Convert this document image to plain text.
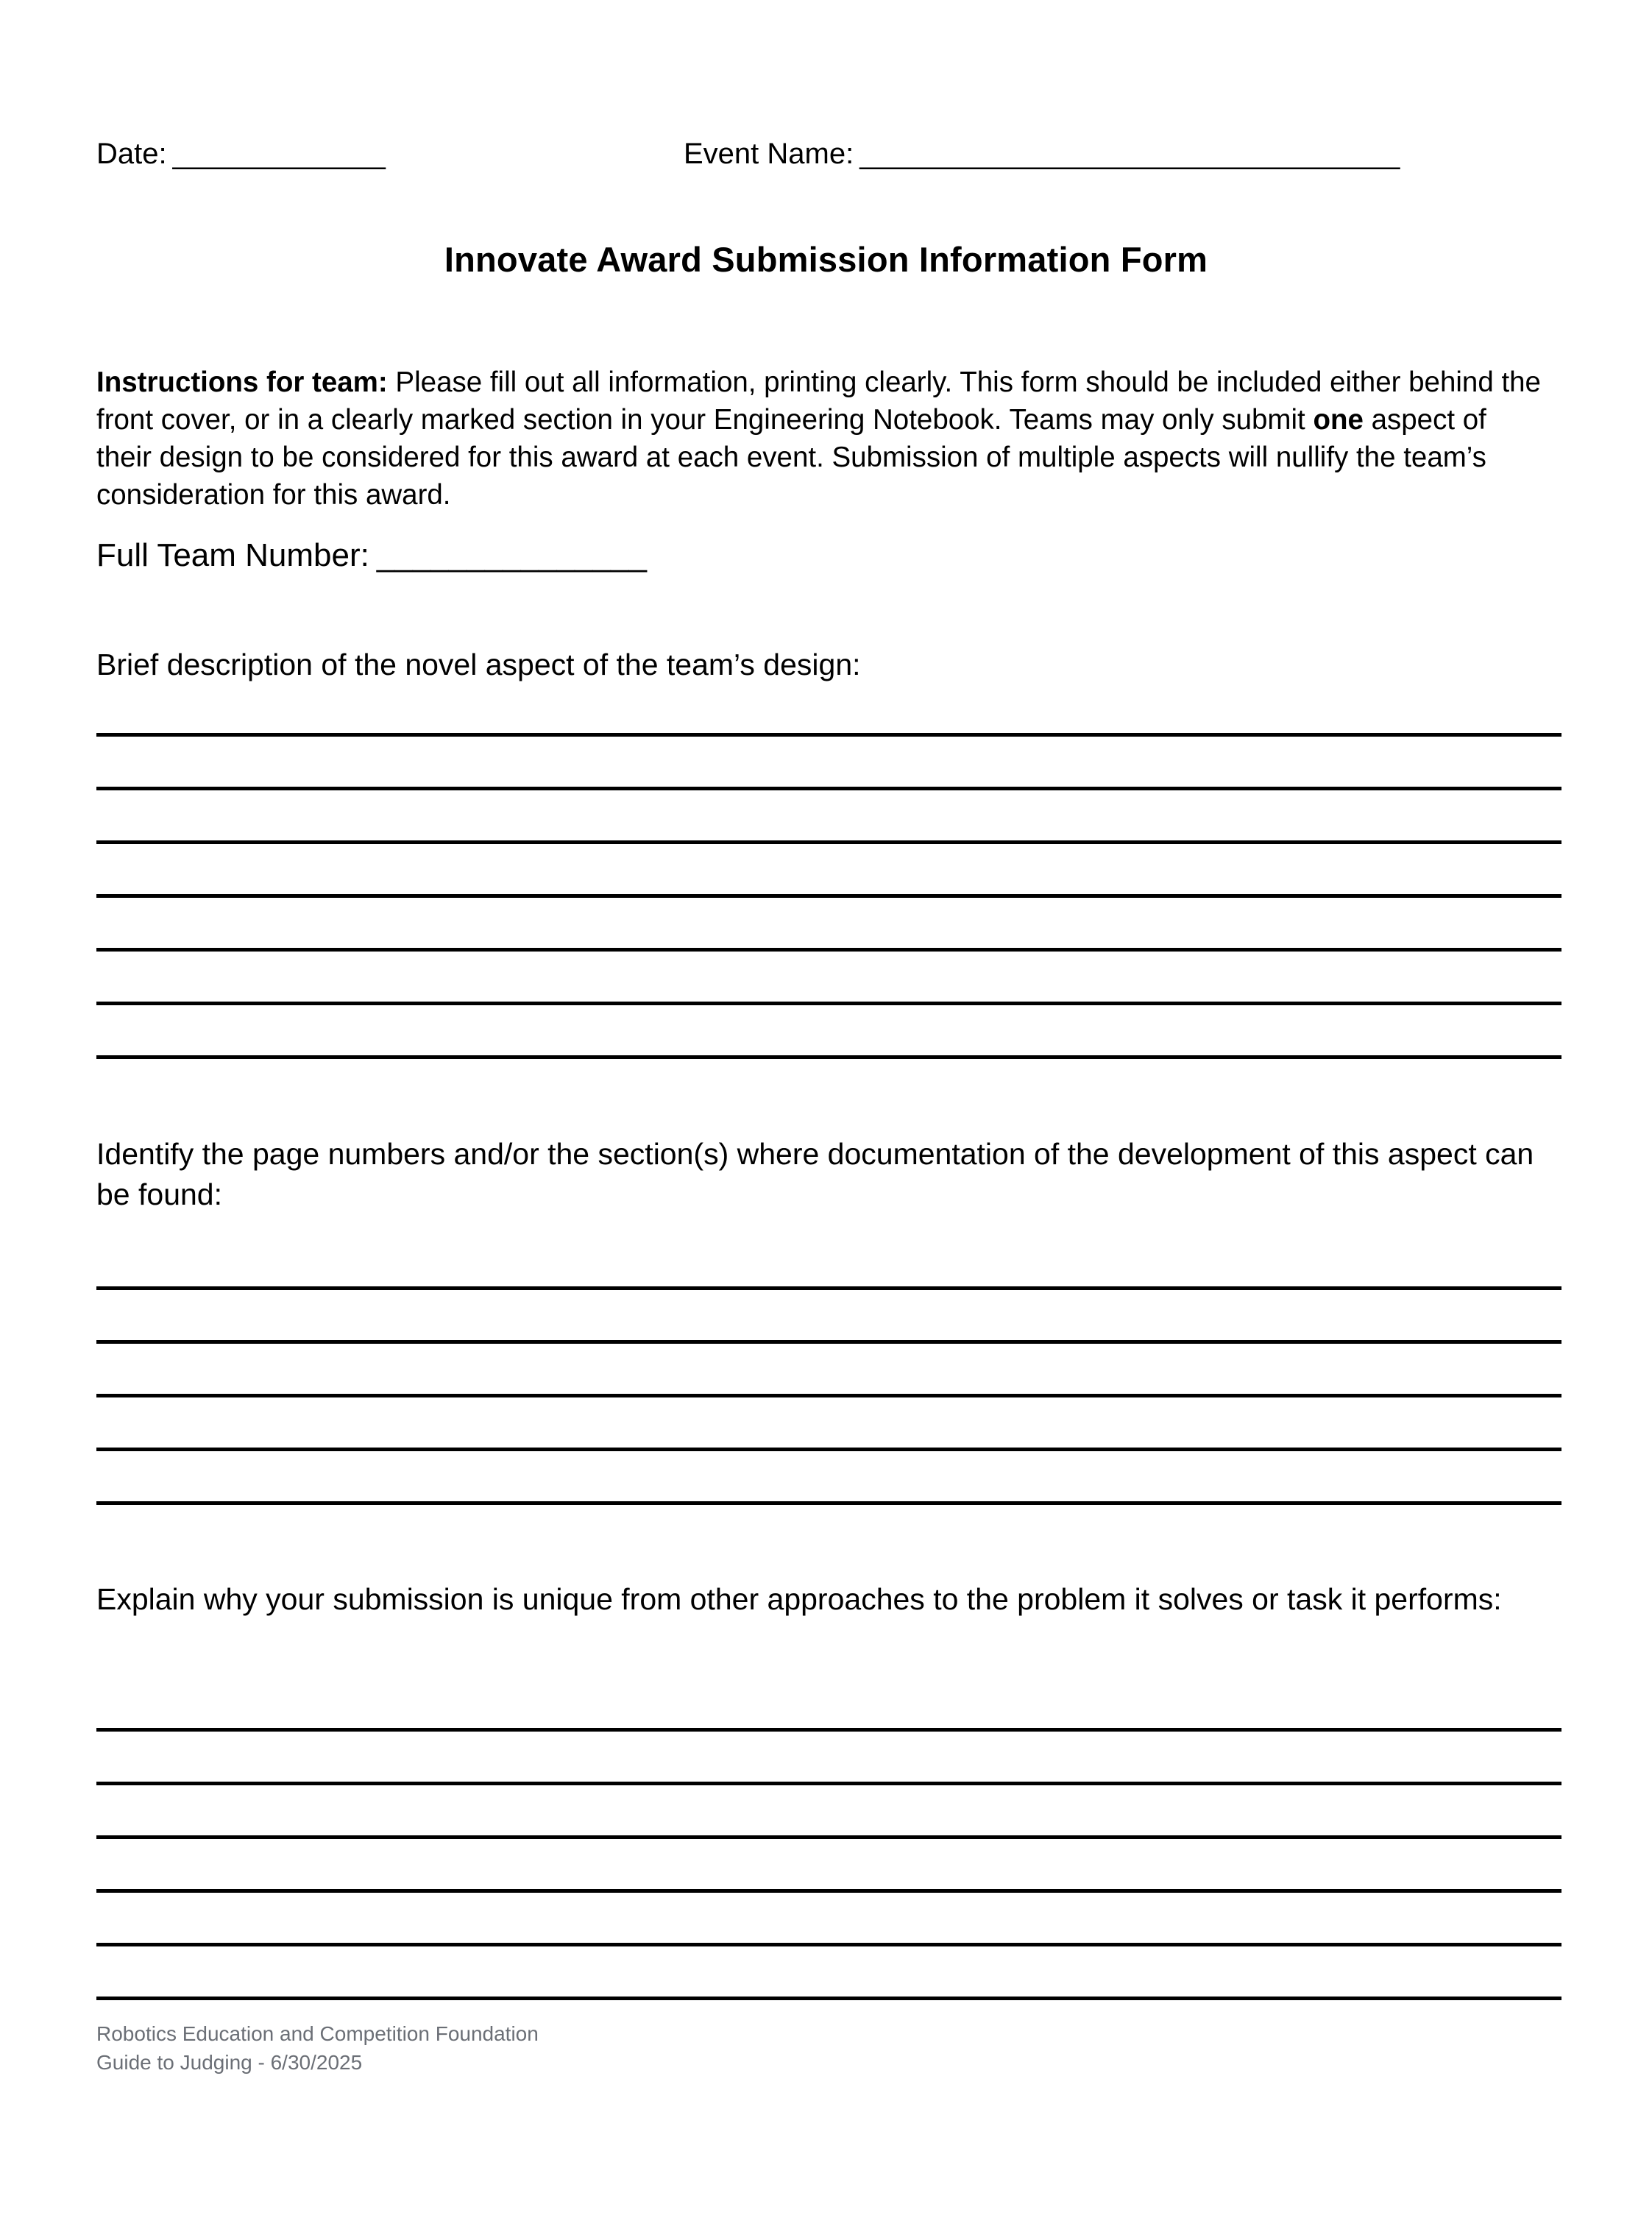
Date: _____________	Event Name: _________________________________
Innovate Award Submission Information Form

Instructions for team: Please fill out all information, printing clearly. This form should be included either behind the front cover, or in a clearly marked section in your Engineering Notebook. Teams may only submit one aspect of their design to be considered for this award at each event. Submission of multiple aspects will nullify the team’s consideration for this award.

Full Team Number: _______________
Brief description of the novel aspect of the team’s design:
Identify the page numbers and/or the section(s) where documentation of the development of this aspect can be found:
Explain why your submission is unique from other approaches to the problem it solves or task it performs:
Robotics Education and Competition Foundation
Guide to Judging - 6/30/2025
